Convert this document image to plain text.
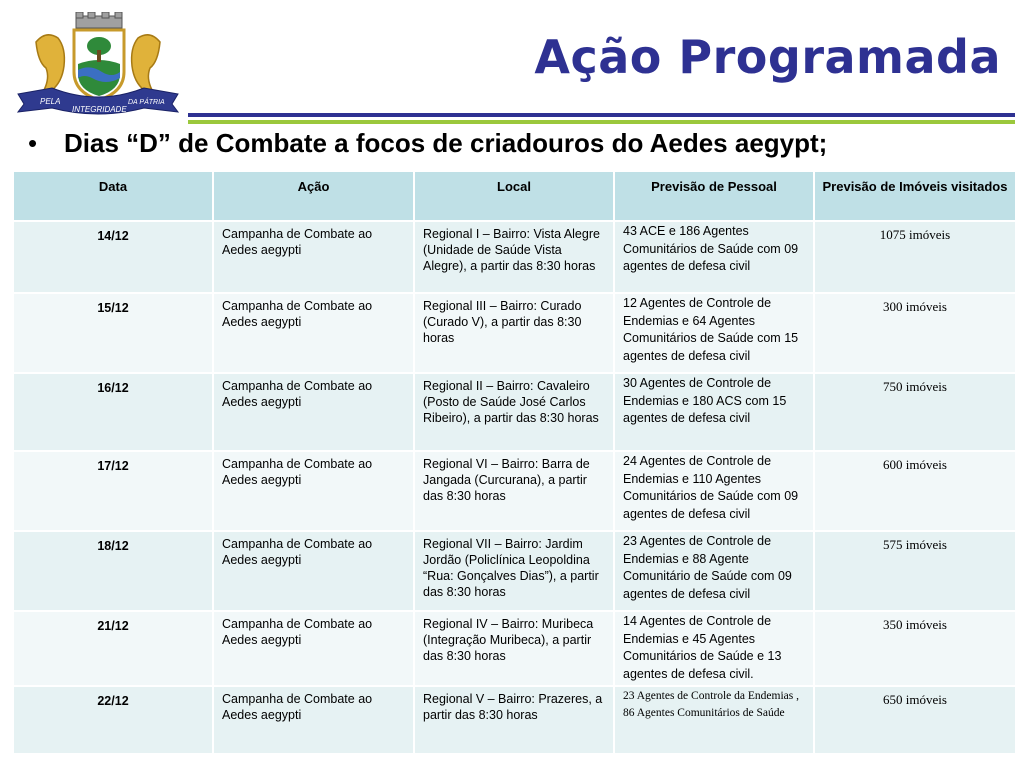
PELA
INTEGRIDADE
DA PÁTRIA
Ação Programada
• Dias “D” de Combate a focos de criadouros do Aedes aegypt;
Data	Ação	Local	Previsão de Pessoal	Previsão de Imóveis visitados
14/12	Campanha de Combate ao Aedes aegypti	Regional I – Bairro: Vista Alegre (Unidade de Saúde Vista Alegre), a partir das 8:30 horas	43 ACE e 186 Agentes Comunitários de Saúde com 09 agentes de defesa civil	1075 imóveis
15/12	Campanha de Combate ao Aedes aegypti	Regional III – Bairro: Curado (Curado V), a partir das 8:30 horas	12 Agentes de Controle de Endemias e 64 Agentes Comunitários de Saúde com 15 agentes de defesa civil	300 imóveis
16/12	Campanha de Combate ao Aedes aegypti	Regional II – Bairro: Cavaleiro (Posto de Saúde José Carlos Ribeiro), a partir das 8:30 horas	30 Agentes de Controle de Endemias e 180 ACS com 15 agentes de defesa civil	750 imóveis
17/12	Campanha de Combate ao Aedes aegypti	Regional VI – Bairro: Barra de Jangada (Curcurana), a partir das 8:30 horas	24 Agentes de Controle de Endemias e 110 Agentes Comunitários de Saúde com 09 agentes de defesa civil	600 imóveis
18/12	Campanha de Combate ao Aedes aegypti	Regional VII – Bairro: Jardim Jordão (Policlínica Leopoldina “Rua: Gonçalves Dias”), a partir das 8:30 horas	23 Agentes de Controle de Endemias e 88 Agente Comunitário de Saúde com 09 agentes de defesa civil	575 imóveis
21/12	Campanha de Combate ao Aedes aegypti	Regional IV – Bairro: Muribeca (Integração Muribeca), a partir das 8:30 horas	14 Agentes de Controle de Endemias e 45 Agentes Comunitários de Saúde e 13 agentes de defesa civil.	350 imóveis
22/12	Campanha de Combate ao Aedes aegypti	Regional V – Bairro: Prazeres, a partir das 8:30 horas	23 Agentes de Controle da Endemias , 86 Agentes Comunitários de Saúde	650 imóveis
